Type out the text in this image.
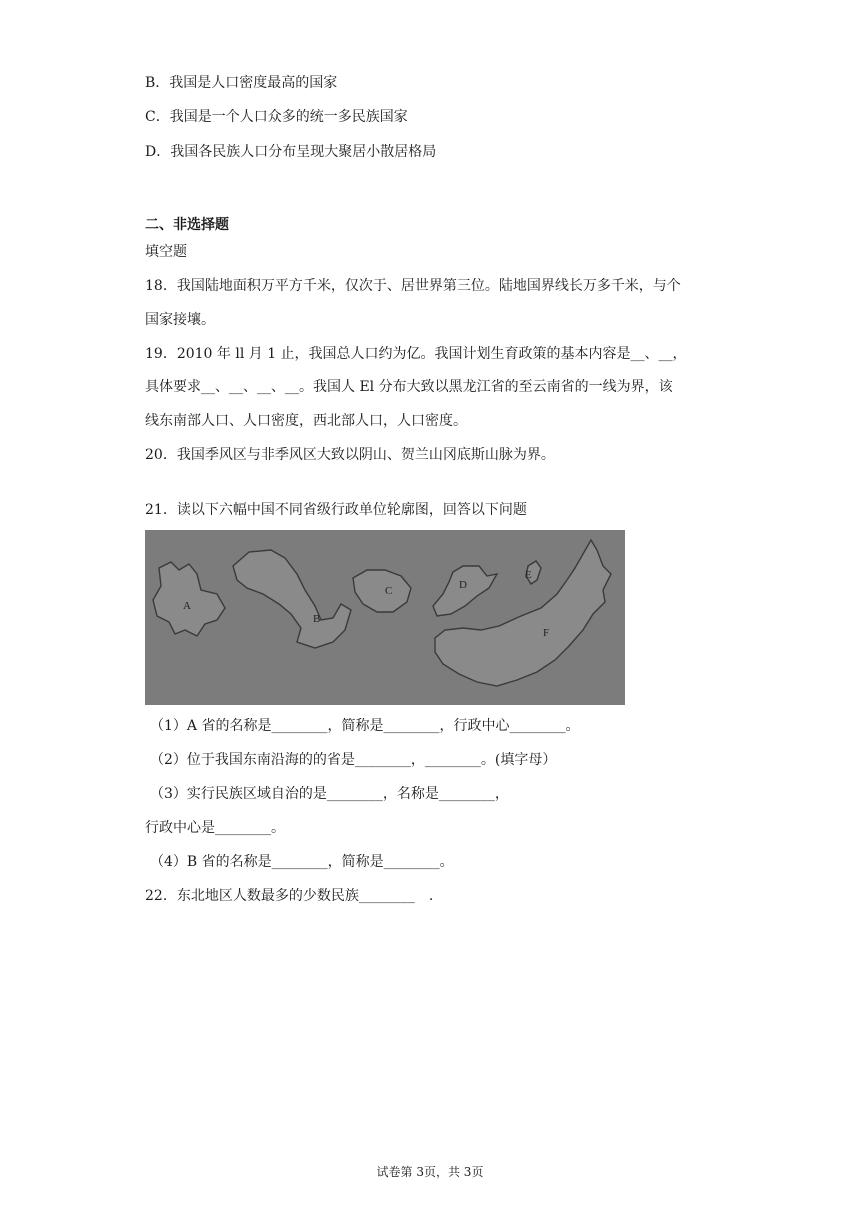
B．我国是人口密度最高的国家
C．我国是一个人口众多的统一多民族国家
D．我国各民族人口分布呈现大聚居小散居格局
二、非选择题
填空题
18．我国陆地面积万平方千米，仅次于、居世界第三位。陆地国界线长万多千米，与个
国家接壤。
19．2010 年 ll 月 1 止，我国总人口约为亿。我国计划生育政策的基本内容是__、__，
具体要求__、__、__、__。我国人 El 分布大致以黑龙江省的至云南省的一线为界，该
线东南部人口、人口密度，西北部人口，人口密度。
20．我国季风区与非季风区大致以阴山、贺兰山冈底斯山脉为界。
21．读以下六幅中国不同省级行政单位轮廓图，回答以下问题
A
B
C	D
E
F
（1）A 省的名称是________，简称是________，行政中心________。
（2）位于我国东南沿海的的省是________，________。(填字母）
（3）实行民族区域自治的是________，名称是________，
行政中心是________。
（4）B 省的名称是________，简称是________。
22．东北地区人数最多的少数民族________　.
试卷第 3页，共 3页
